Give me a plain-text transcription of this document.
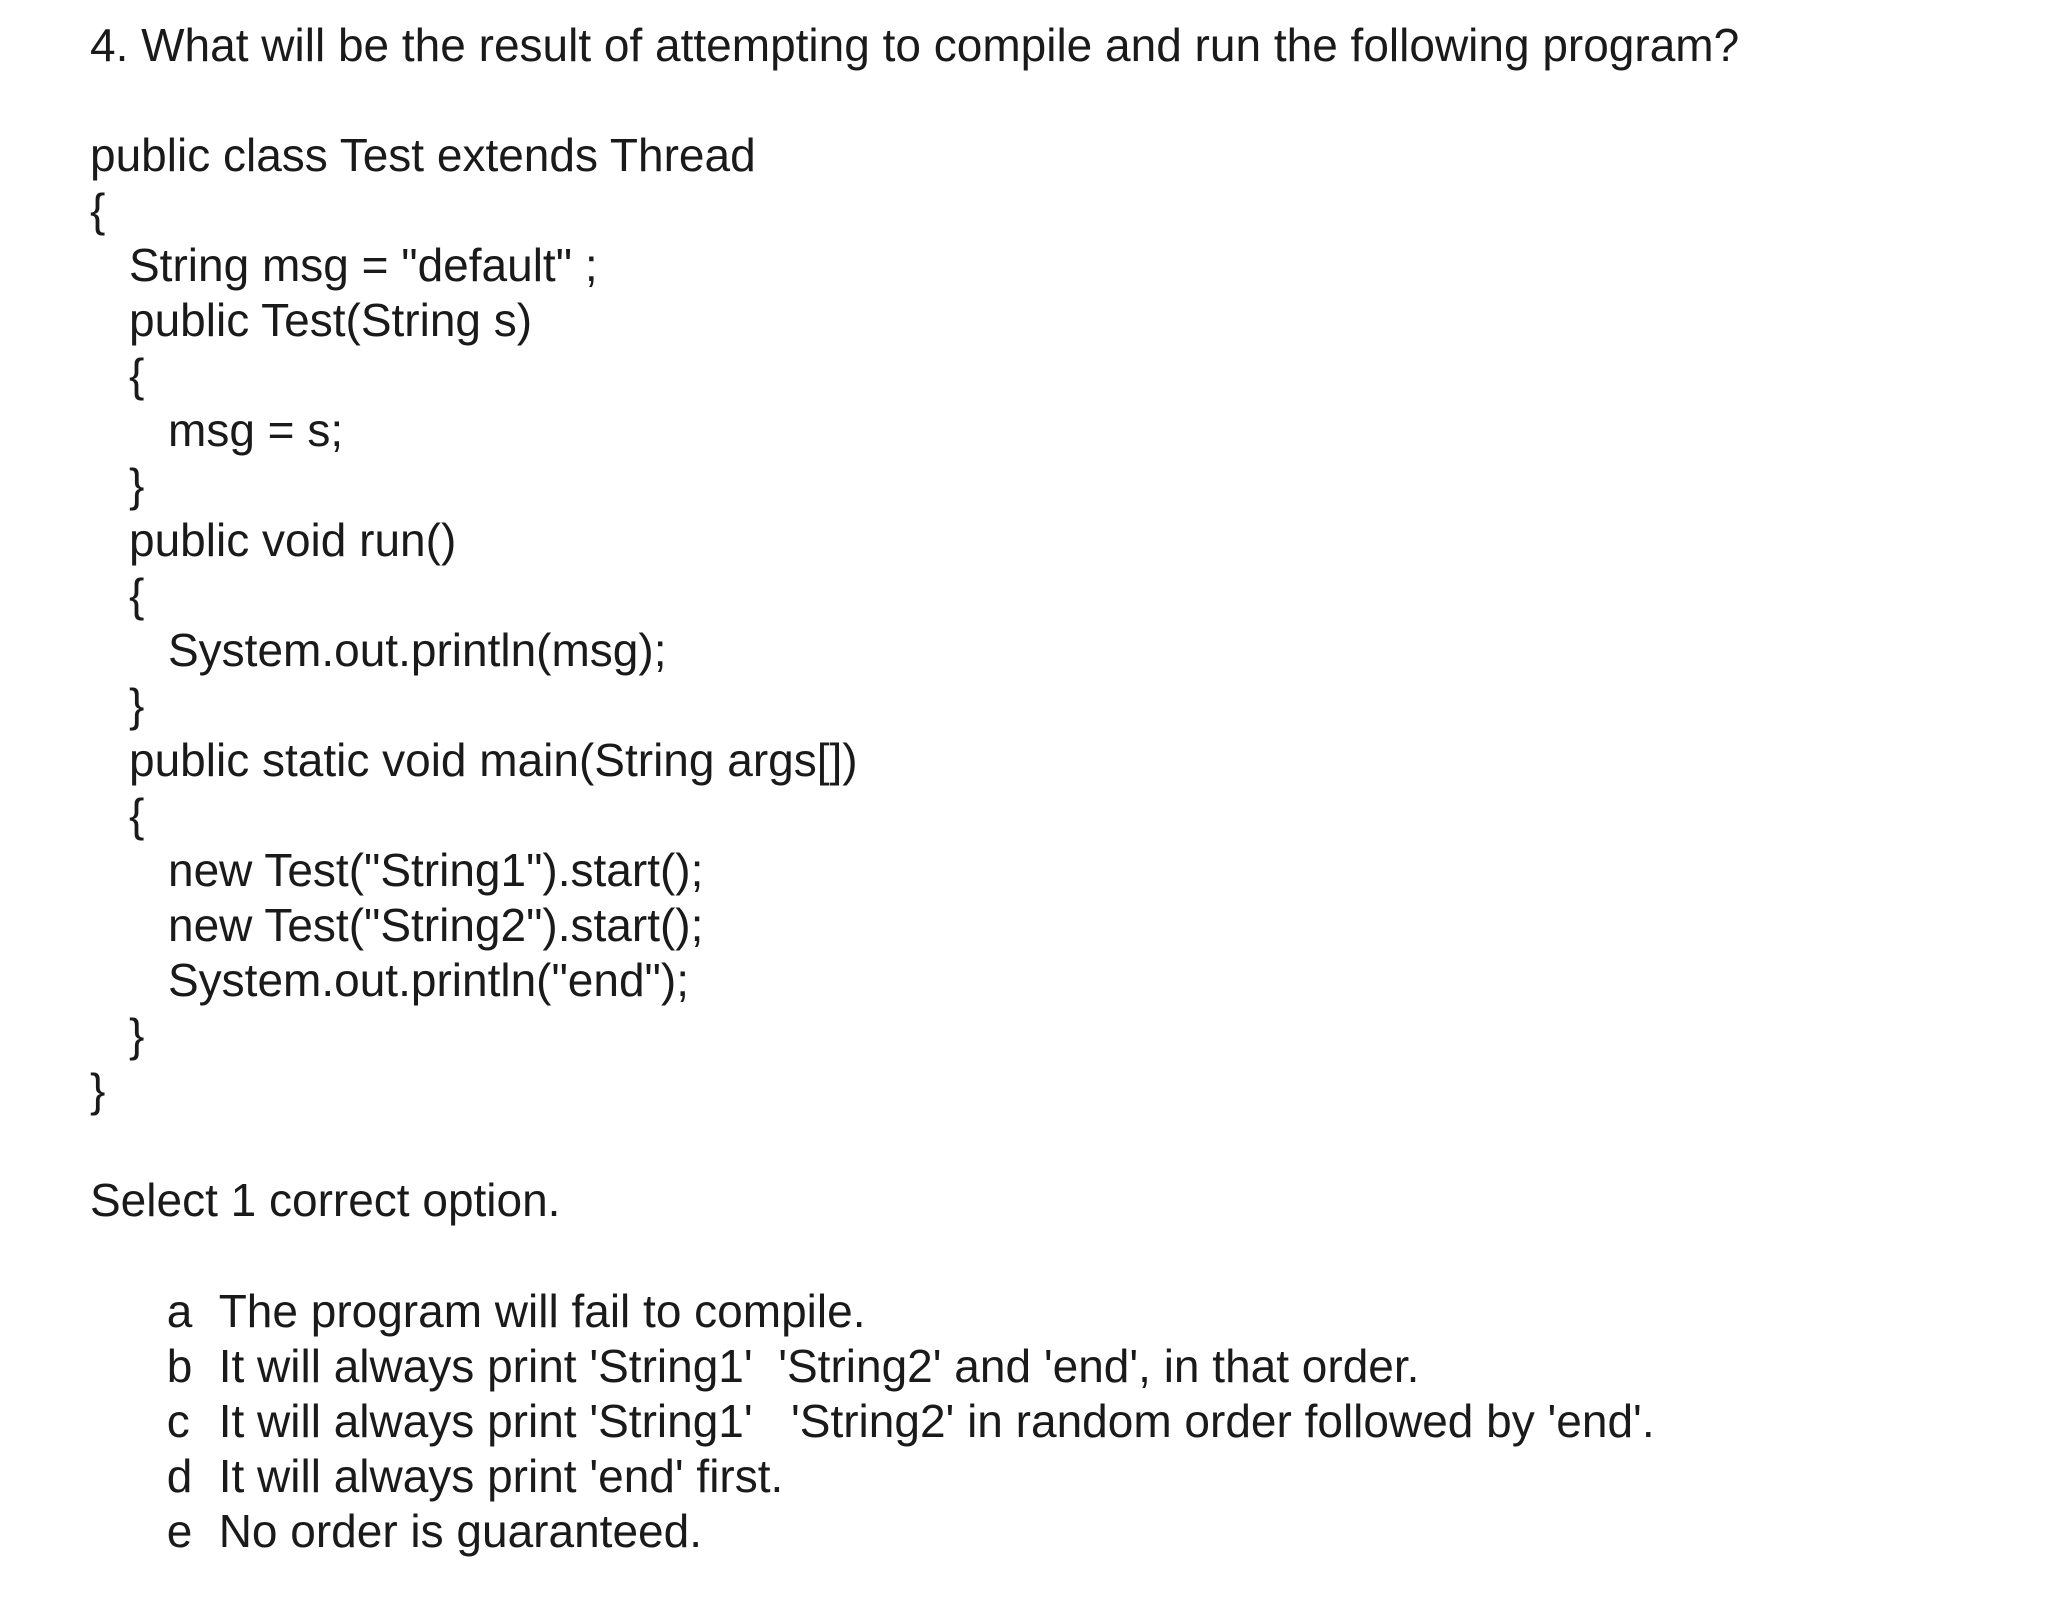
4. What will be the result of attempting to compile and run the following program?
public class Test extends Thread
{
String msg = "default" ;
public Test(String s)
{
msg = s;
}
public void run()
{
System.out.println(msg);
}
public static void main(String args[])
{
new Test("String1").start();
new Test("String2").start();
System.out.println("end");
}
}
Select 1 correct option.

a The program will fail to compile.

b It will always print 'String1'  'String2' and 'end', in that order.

c It will always print 'String1'   'String2' in random order followed by 'end'.

d It will always print 'end' first.

e No order is guaranteed.
